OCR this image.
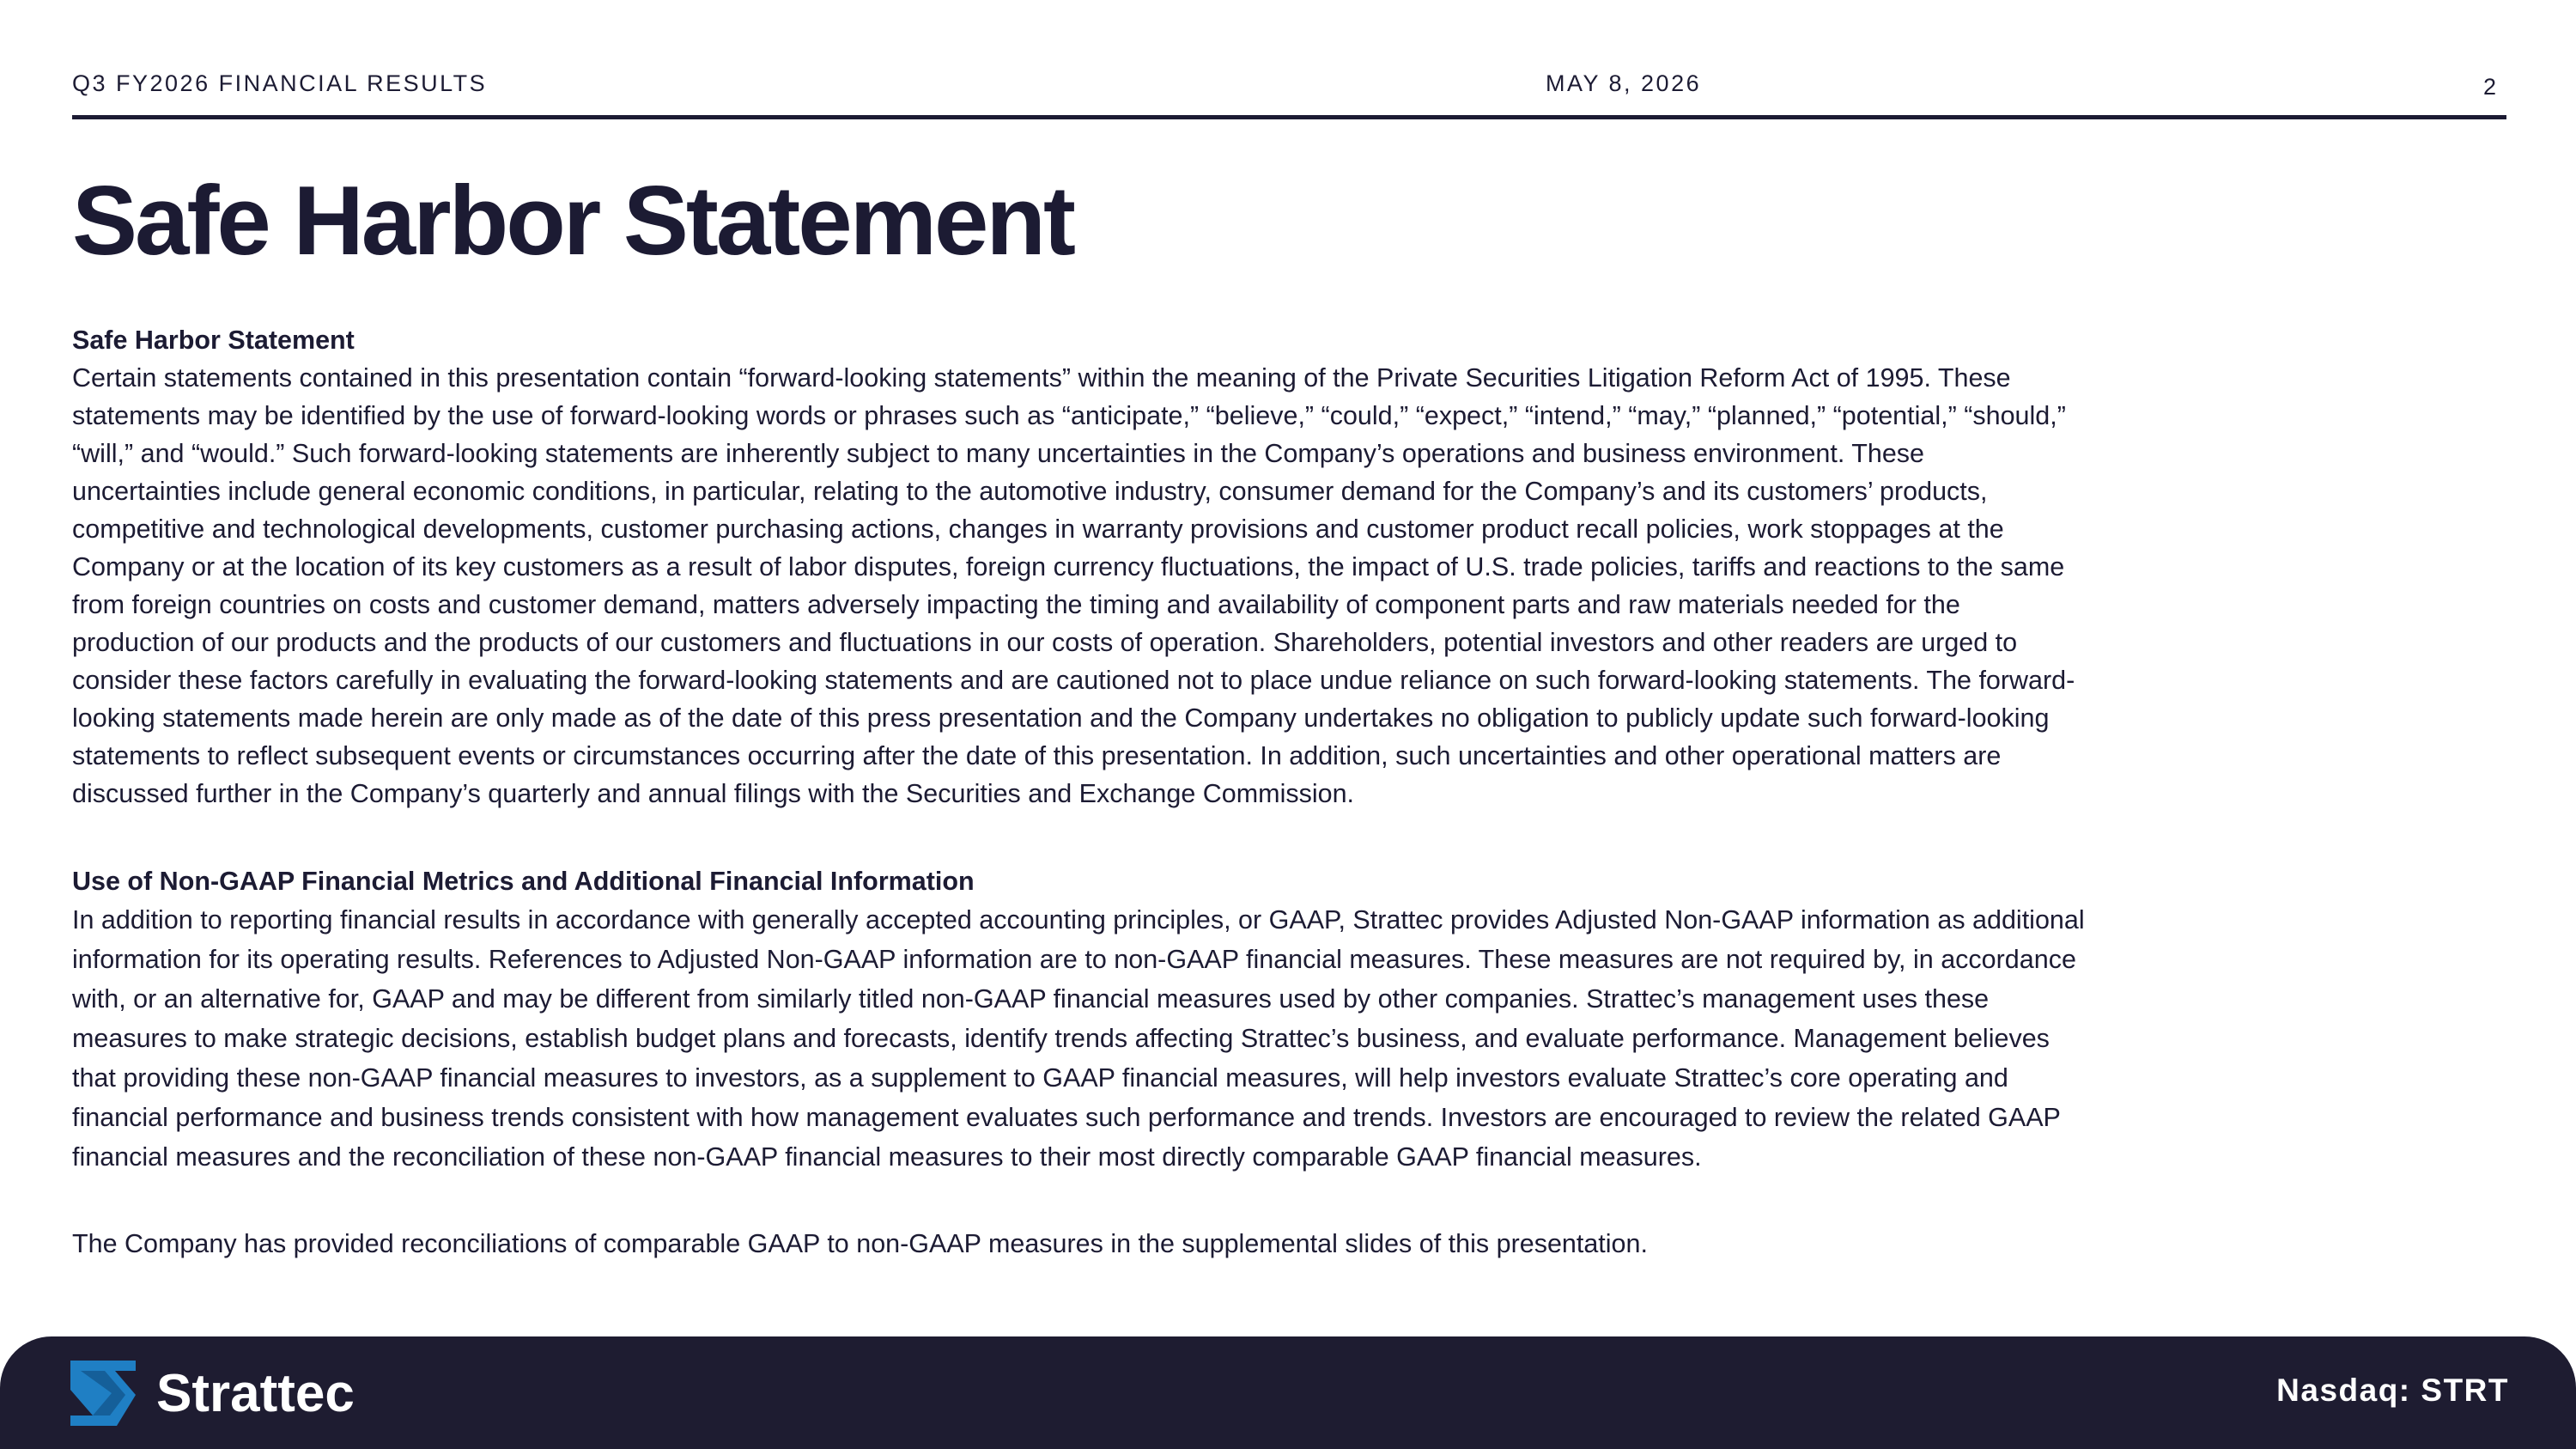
Q3 FY2026 FINANCIAL RESULTS	MAY 8, 2026	2
Safe Harbor Statement

Safe Harbor Statement

Certain statements contained in this presentation contain “forward-looking statements” within the meaning of the Private Securities Litigation Reform Act of 1995. These
statements may be identified by the use of forward-looking words or phrases such as “anticipate,” “believe,” “could,” “expect,” “intend,” “may,” “planned,” “potential,” “should,”
“will,” and “would.” Such forward-looking statements are inherently subject to many uncertainties in the Company’s operations and business environment. These
uncertainties include general economic conditions, in particular, relating to the automotive industry, consumer demand for the Company’s and its customers’ products,
competitive and technological developments, customer purchasing actions, changes in warranty provisions and customer product recall policies, work stoppages at the
Company or at the location of its key customers as a result of labor disputes, foreign currency fluctuations, the impact of U.S. trade policies, tariffs and reactions to the same
from foreign countries on costs and customer demand, matters adversely impacting the timing and availability of component parts and raw materials needed for the
production of our products and the products of our customers and fluctuations in our costs of operation. Shareholders, potential investors and other readers are urged to
consider these factors carefully in evaluating the forward-looking statements and are cautioned not to place undue reliance on such forward-looking statements. The forward-
looking statements made herein are only made as of the date of this press presentation and the Company undertakes no obligation to publicly update such forward-looking
statements to reflect subsequent events or circumstances occurring after the date of this presentation. In addition, such uncertainties and other operational matters are
discussed further in the Company’s quarterly and annual filings with the Securities and Exchange Commission.

Use of Non-GAAP Financial Metrics and Additional Financial Information

In addition to reporting financial results in accordance with generally accepted accounting principles, or GAAP, Strattec provides Adjusted Non-GAAP information as additional
information for its operating results. References to Adjusted Non-GAAP information are to non-GAAP financial measures. These measures are not required by, in accordance
with, or an alternative for, GAAP and may be different from similarly titled non-GAAP financial measures used by other companies. Strattec’s management uses these
measures to make strategic decisions, establish budget plans and forecasts, identify trends affecting Strattec’s business, and evaluate performance. Management believes
that providing these non-GAAP financial measures to investors, as a supplement to GAAP financial measures, will help investors evaluate Strattec’s core operating and
financial performance and business trends consistent with how management evaluates such performance and trends. Investors are encouraged to review the related GAAP
financial measures and the reconciliation of these non-GAAP financial measures to their most directly comparable GAAP financial measures.

The Company has provided reconciliations of comparable GAAP to non-GAAP measures in the supplemental slides of this presentation.

Strattec	Nasdaq: STRT
